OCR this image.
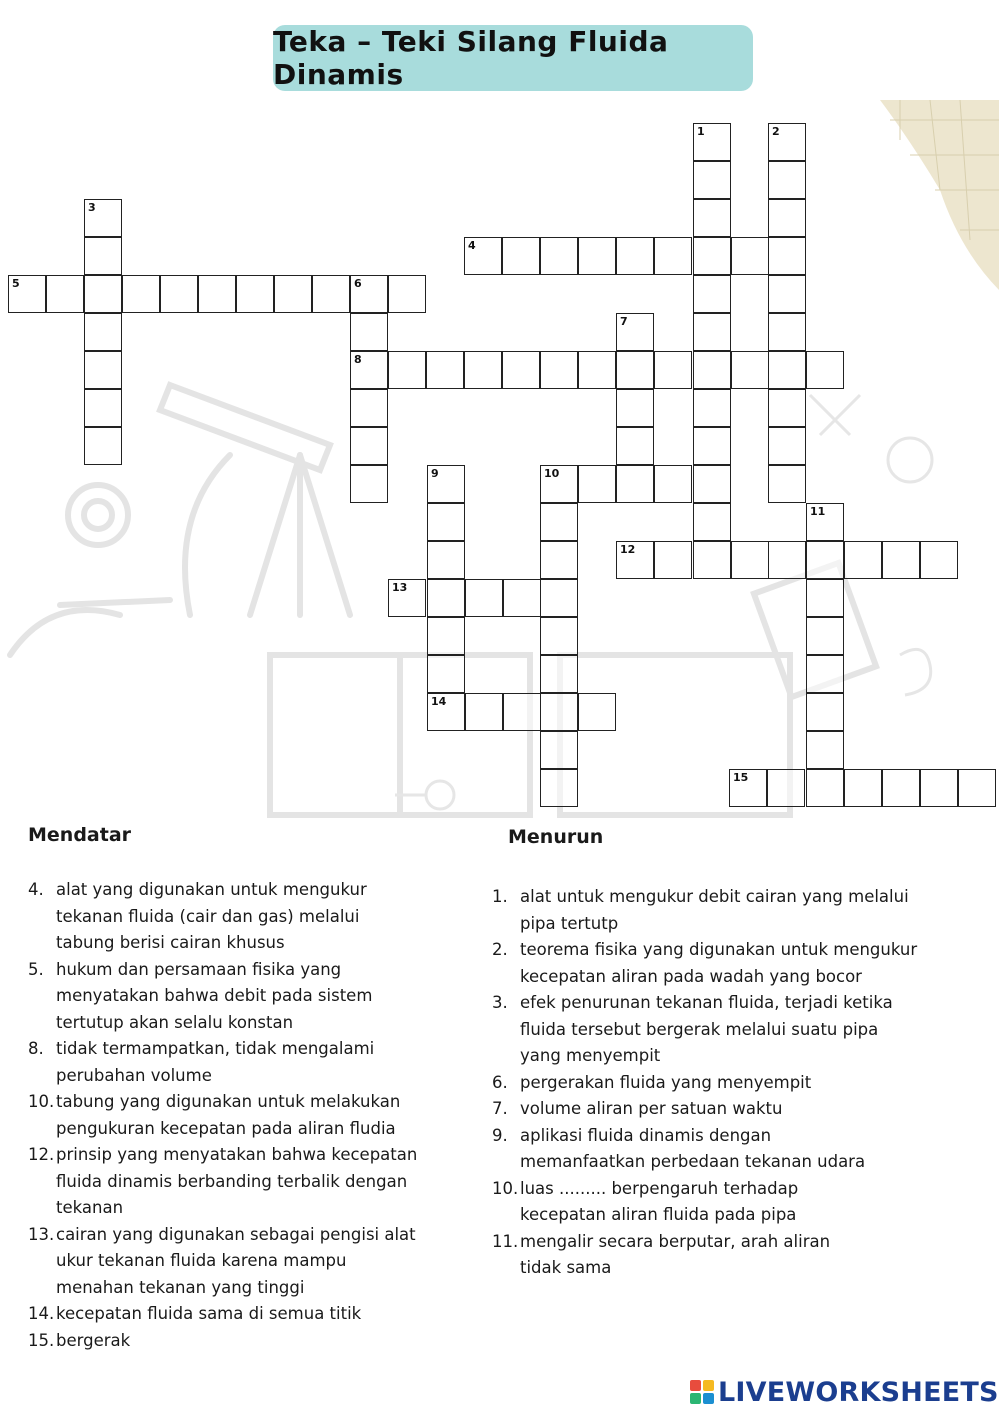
Teka – Teki Silang Fluida Dinamis
1	2
3
4
5	6
8
7
9	10
11
12
13
14
15
Mendatar
4. alat yang digunakan untuk mengukur
tekanan fluida (cair dan gas) melalui
tabung berisi cairan khusus
5. hukum dan persamaan fisika yang
menyatakan bahwa debit pada sistem
tertutup akan selalu konstan
8. tidak termampatkan, tidak mengalami
perubahan volume
10. tabung yang digunakan untuk melakukan
pengukuran kecepatan pada aliran fludia
12. prinsip yang menyatakan bahwa kecepatan
fluida dinamis berbanding terbalik dengan
tekanan
13. cairan yang digunakan sebagai pengisi alat
ukur tekanan fluida karena mampu
menahan tekanan yang tinggi
14. kecepatan fluida sama di semua titik
15. bergerak
Menurun
1. alat untuk mengukur debit cairan yang melalui
pipa tertutp
2. teorema fisika yang digunakan untuk mengukur
kecepatan aliran pada wadah yang bocor
3. efek penurunan tekanan fluida, terjadi ketika
fluida tersebut bergerak melalui suatu pipa
yang menyempit
6. pergerakan fluida yang menyempit
7. volume aliran per satuan waktu
9. aplikasi fluida dinamis dengan
memanfaatkan perbedaan tekanan udara
10. luas ......... berpengaruh terhadap
kecepatan aliran fluida pada pipa
11. mengalir secara berputar, arah aliran
tidak sama
LIVEWORKSHEETS
